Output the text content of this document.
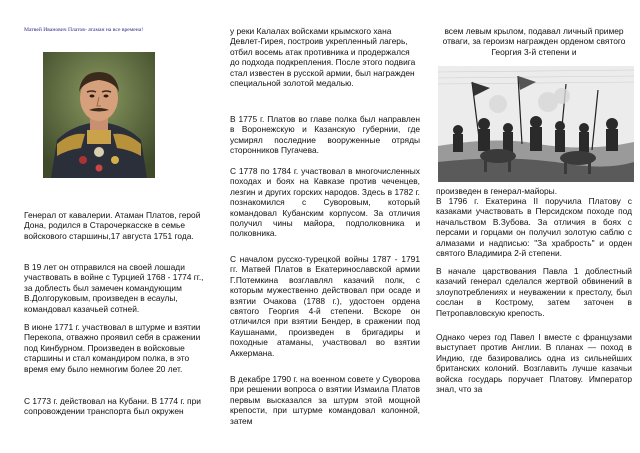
Матвей Иванович Платов- атаман на все времена!

Генерал от кавалерии. Атаман Платов, герой Дона, родился в Старочеркасске в семье войскового старшины,17 августа 1751 года.

В 19 лет он отправился на своей лошади участвовать в войне с Турцией 1768 - 1774 гг., за доблесть был замечен командующим В.Долгоруковым, произведен в есаулы, командовал казачьей сотней.

В июне 1771 г. участвовал в штурме и взятии Перекопа, отважно проявил себя в сражении под Кинбурном. Произведен в войсковые старшины и стал командиром полка, в это время ему было немногим более 20 лет.

С 1773 г. действовал на Кубани. В 1774 г. при сопровождении транспорта был окружен

у реки Калалах войсками крымского хана Девлет-Гирея, построив укрепленный лагерь, отбил восемь атак противника и продержался до подхода подкрепления. После этого подвига стал известен в русской армии, был награжден специальной золотой медалью.

В 1775 г. Платов во главе полка был направлен в Воронежскую и Казанскую губернии, где усмирял последние вооруженные отряды сторонников Пугачева.

С 1778 по 1784 г. участвовал в многочисленных походах и боях на Кавказе против чеченцев, лезгин и других горских народов. Здесь в 1782 г. познакомился с Суворовым, который командовал Кубанским корпусом. За отличия получил чины майора, подполковника и полковника.

С началом русско-турецкой войны 1787 - 1791 гг. Матвей Платов в Екатеринославской армии Г.Потемкина возглавлял казачий полк, с которым мужественно действовал при осаде и взятии Очакова (1788 г.), удостоен ордена святого Георгия 4-й степени. Вскоре он отличился при взятии Бендер, в сражении под Каушанами, произведен в бригадиры и походные атаманы, участвовал во взятии Аккермана.

В декабре 1790 г. на военном совете у Суворова при решении вопроса о взятии Измаила Платов первым высказался за штурм этой мощной крепости, при штурме командовал колонной, затем

всем левым крылом, подавал личный пример отваги, за героизм награжден орденом святого Георгия 3-й степени и

произведен в генерал-майоры.

В 1796 г. Екатерина II поручила Платову с казаками участвовать в Персидском походе под начальством В.Зубова. За отличия в боях с персами и горцами он получил золотую саблю с алмазами и надписью: "За храбрость" и орден святого Владимира 2-й степени.

В начале царствования Павла 1 доблестный казачий генерал сделался жертвой обвинений в злоупотреблениях и неуважении к престолу, был сослан в Кострому, затем заточен в Петропавловскую крепость.

Однако через год Павел I вместе с французами выступает против Англии. В планах — поход в Индию, где базировались одна из сильнейших британских колоний. Возглавить лучше казачьи войска государь поручает Платову. Император знал, что за
